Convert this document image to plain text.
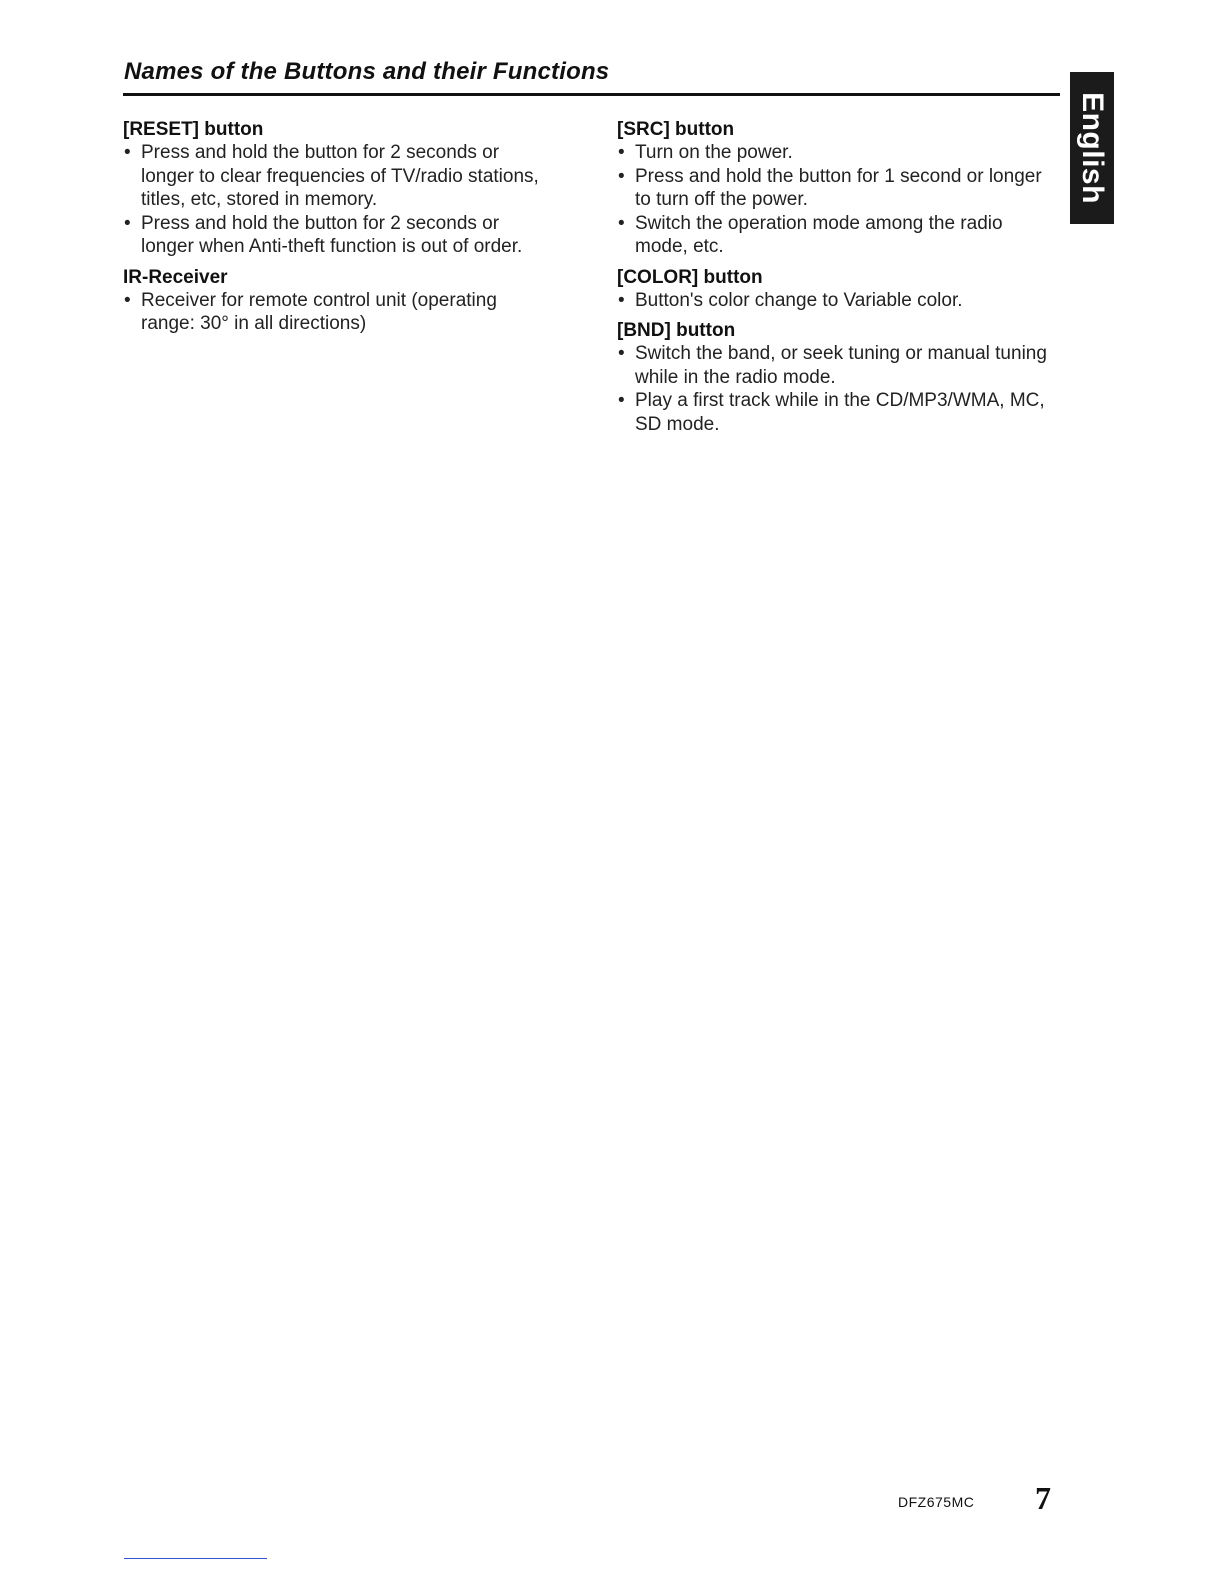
Names of the Buttons and their Functions
English
[RESET] button
• Press and hold the button for 2 seconds or longer to clear frequencies of TV/radio stations, titles, etc, stored in memory.
• Press and hold the button for 2 seconds or longer when Anti-theft function is out of order.
IR-Receiver
• Receiver for remote control unit (operating range: 30° in all directions)
[SRC] button
• Turn on the power.
• Press and hold the button for 1 second or longer to turn off the power.
• Switch the operation mode among the radio mode, etc.
[COLOR] button
• Button's color change to Variable color.
[BND] button
• Switch the band, or seek tuning or manual tuning while in the radio mode.
• Play a first track while in the CD/MP3/WMA, MC, SD mode.
DFZ675MC 7
